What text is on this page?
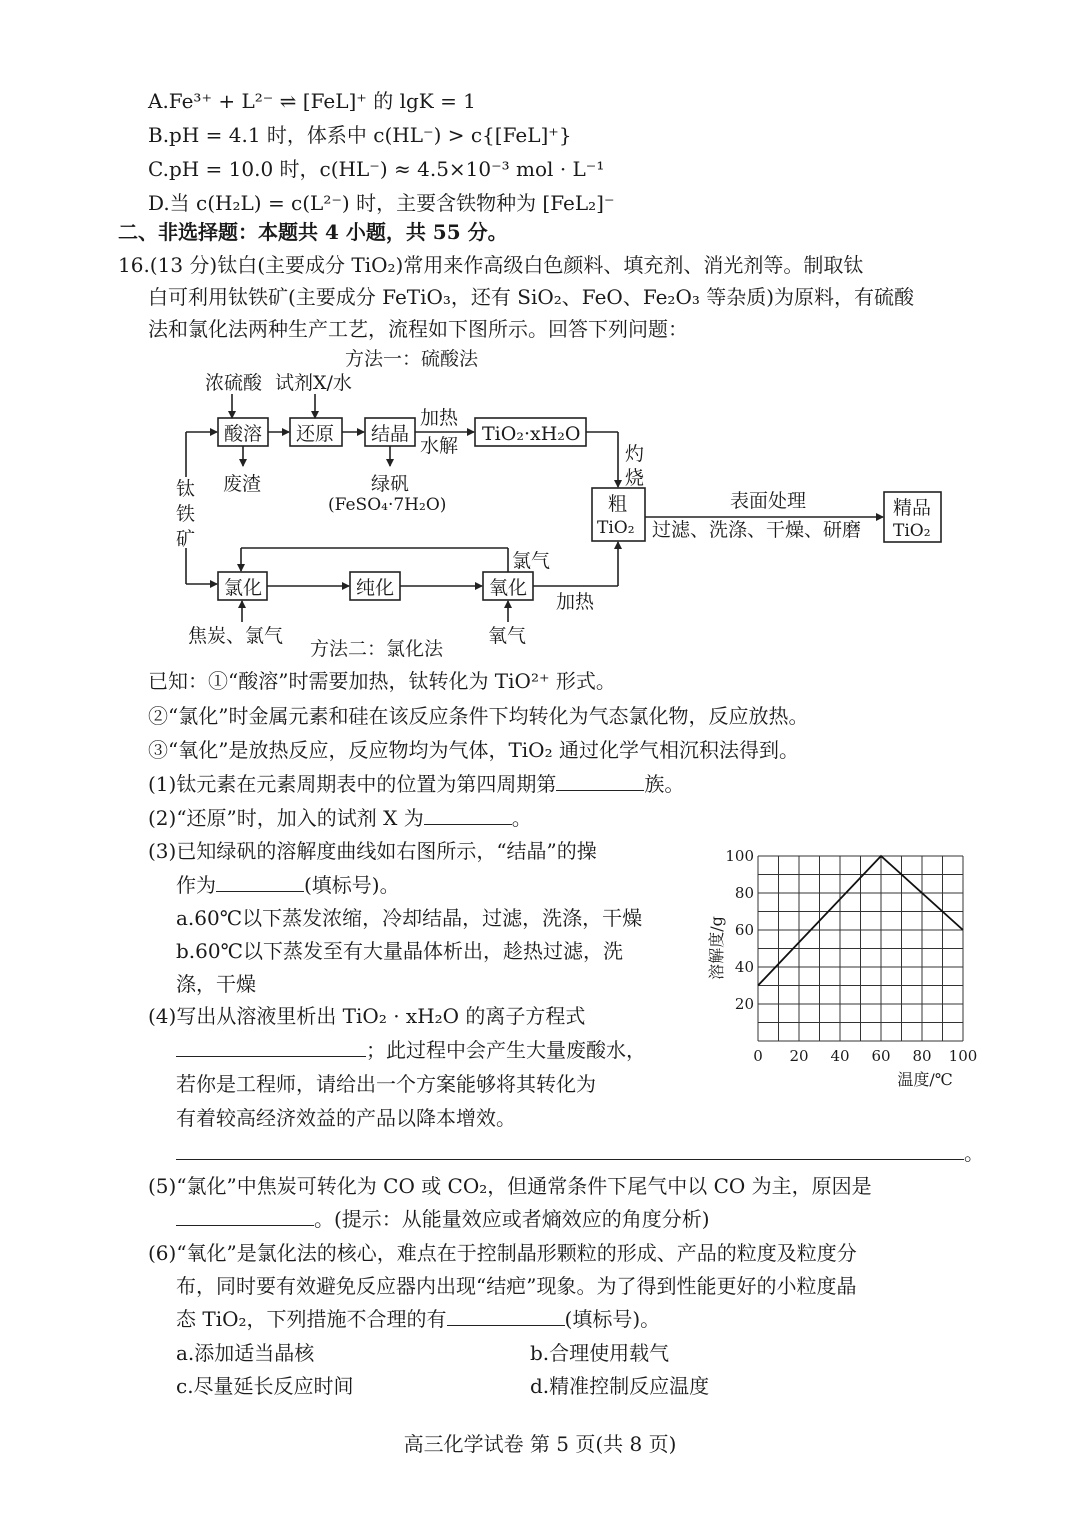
A.Fe³⁺ + L²⁻ ⇌ [FeL]⁺ 的 lgK = 1
B.pH = 4.1 时，体系中 c(HL⁻) > c{[FeL]⁺}
C.pH = 10.0 时，c(HL⁻) ≈ 4.5×10⁻³ mol · L⁻¹
D.当 c(H₂L) = c(L²⁻) 时，主要含铁物种为 [FeL₂]⁻
二、非选择题：本题共 4 小题，共 55 分。
16.(13 分)钛白(主要成分 TiO₂)常用来作高级白色颜料、填充剂、消光剂等。制取钛
白可利用钛铁矿(主要成分 FeTiO₃，还有 SiO₂、FeO、Fe₂O₃ 等杂质)为原料，有硫酸
法和氯化法两种生产工艺，流程如下图所示。回答下列问题：
方法一：硫酸法
浓硫酸 试剂X/水
钛
铁
矿
酸溶 还原 结晶
加热
水解
TiO₂·xH₂O
废渣	绿矾
(FeSO₄·7H₂O)
灼
烧
粗
TiO₂
表面处理
过滤、洗涤、干燥、研磨
精品
TiO₂
氯化	纯化	氧化
氯气
加热
焦炭、氯气
方法二：氯化法
氧气
已知：①“酸溶”时需要加热，钛转化为 TiO²⁺ 形式。
②“氯化”时金属元素和硅在该反应条件下均转化为气态氯化物，反应放热。
③“氧化”是放热反应，反应物均为气体，TiO₂ 通过化学气相沉积法得到。
(1)钛元素在元素周期表中的位置为第四周期第	族。
(2)“还原”时，加入的试剂 X 为	。
(3)已知绿矾的溶解度曲线如右图所示，“结晶”的操
作为	(填标号)。
a.60℃以下蒸发浓缩，冷却结晶，过滤，洗涤，干燥
b.60℃以下蒸发至有大量晶体析出，趁热过滤，洗
涤，干燥
0 20 40 60 80 100
20
40
60
80
100
温度/℃
溶解度/g
(4)写出从溶液里析出 TiO₂ · xH₂O 的离子方程式
；此过程中会产生大量废酸水，
若你是工程师，请给出一个方案能够将其转化为
有着较高经济效益的产品以降本增效。
。
(5)“氯化”中焦炭可转化为 CO 或 CO₂，但通常条件下尾气中以 CO 为主，原因是
。(提示：从能量效应或者熵效应的角度分析)
(6)“氧化”是氯化法的核心，难点在于控制晶形颗粒的形成、产品的粒度及粒度分
布，同时要有效避免反应器内出现“结疤”现象。为了得到性能更好的小粒度晶
态 TiO₂，下列措施不合理的有	(填标号)。
a.添加适当晶核	b.合理使用载气
c.尽量延长反应时间	d.精准控制反应温度
高三化学试卷 第 5 页(共 8 页)
